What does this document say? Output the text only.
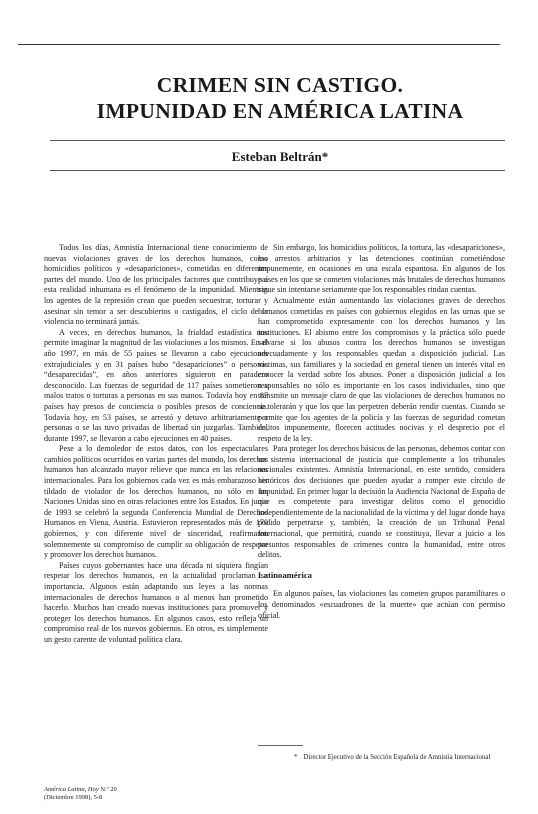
CRIMEN SIN CASTIGO.
IMPUNIDAD EN AMÉRICA LATINA
Esteban Beltrán*

Todos los días, Amnistía Internacional tiene conocimiento de nuevas violaciones graves de los derechos humanos, como homicidios políticos y «desapariciones», cometidas en diferentes partes del mundo. Uno de los principales factores que contribuye a esta realidad inhumana es el fenómeno de la impunidad. Mientras los agentes de la represión crean que pueden secuestrar, torturar y asesinar sin temor a ser descubiertos o castigados, el ciclo de la violencia no terminará jamás.

A veces, en derechos humanos, la frialdad estadística nos permite imaginar la magnitud de las violaciones a los mismos. En el año 1997, en más de 55 países se llevaron a cabo ejecuciones extrajudiciales y en 31 países hubo “desapariciones” o personas “desaparecidas”, en años anteriores siguieron en paradero desconocido. Las fuerzas de seguridad de 117 países sometieron a malos tratos o torturas a personas en sus manos. Todavía hoy en 87 países hay presos de conciencia o posibles presos de conciencia. Todavía hoy, en 53 países, se arrestó y detuvo arbitrariamente a personas o se las tuvo privadas de libertad sin juzgarlas. También, durante 1997, se llevaron a cabo ejecuciones en 40 países.

Pese a lo demoledor de estos datos, con los espectaculares cambios políticos ocurridos en varias partes del mundo, los derechos humanos han alcanzado mayor relieve que nunca en las relaciones internacionales. Para los gobiernos cada vez es más embarazoso ser tildado de violador de los derechos humanos, no sólo en las Naciones Unidas sino en otras relaciones entre los Estados. En junio de 1993 se celebró la segunda Conferencia Mundial de Derechos Humanos en Viena, Austria. Estuvieron representados más de 170 gobiernos, y con diferente nivel de sinceridad, reafirmaron solemnemente su compromiso de cumplir su obligación de respetar y promover los derechos humanos.

Países cuyos gobernantes hace una década ni siquiera fingían respetar los derechos humanos, en la actualidad proclaman su importancia. Algunos están adaptando sus leyes a las normas internacionales de derechos humanos o al menos han prometido hacerlo. Muchos han creado nuevas instituciones para promover y proteger los derechos humanos. En algunos casos, esto refleja un compromiso real de los nuevos gobiernos. En otros, es simplemente un gesto carente de voluntad política clara.

Sin embargo, los homicidios políticos, la tortura, las «desapariciones», los arrestos arbitrarios y las detenciones continúan cometiéndose impunemente, en ocasiones en una escala espantosa. En algunos de los países en los que se cometen violaciones más brutales de derechos humanos sigue sin intentarse seriamente que los responsables rindan cuentas.

Actualmente están aumentando las violaciones graves de derechos humanos cometidas en países con gobiernos elegidos en las urnas que se han comprometido expresamente con los derechos humanos y las instituciones. El abismo entre los compromisos y la práctica sólo puede salvarse si los abusos contra los derechos humanos se investigan adecuadamente y los responsables quedan a disposición judicial. Las víctimas, sus familiares y la sociedad en general tienen un interés vital en conocer la verdad sobre los abusos. Poner a disposición judicial a los responsables no sólo es importante en los casos individuales, sino que transmite un mensaje claro de que las violaciones de derechos humanos no se tolerarán y que los que las perpetren deberán rendir cuentas. Cuando se permite que los agentes de la policía y las fuerzas de seguridad cometan delitos impunemente, florecen actitudes nocivas y el desprecio por el respeto de la ley.

Para proteger los derechos básicos de las personas, debemos contar con un sistema internacional de justicia que complemente a los tribunales nacionales existentes. Amnistía Internacional, en este sentido, considera históricos dos decisiones que pueden ayudar a romper este círculo de impunidad. En primer lugar la decisión la Audiencia Nacional de España de que es competente para investigar delitos como el genocidio independientemente de la nacionalidad de la víctima y del lugar donde haya podido perpetrarse y, también, la creación de un Tribunal Penal Internacional, que permitirá, cuando se constituya, llevar a juicio a los presuntos responsables de crímenes contra la humanidad, entre otros delitos.

Latinoamérica

En algunos países, las violaciones las cometen grupos paramilitares o los denominados «escuadrones de la muerte» que actúan con permiso oficial.

* Director Ejecutivo de la Sección Española de Amnistía Internacional
América Latina, Hoy N.º 20
(Diciembre 1998), 5-8
